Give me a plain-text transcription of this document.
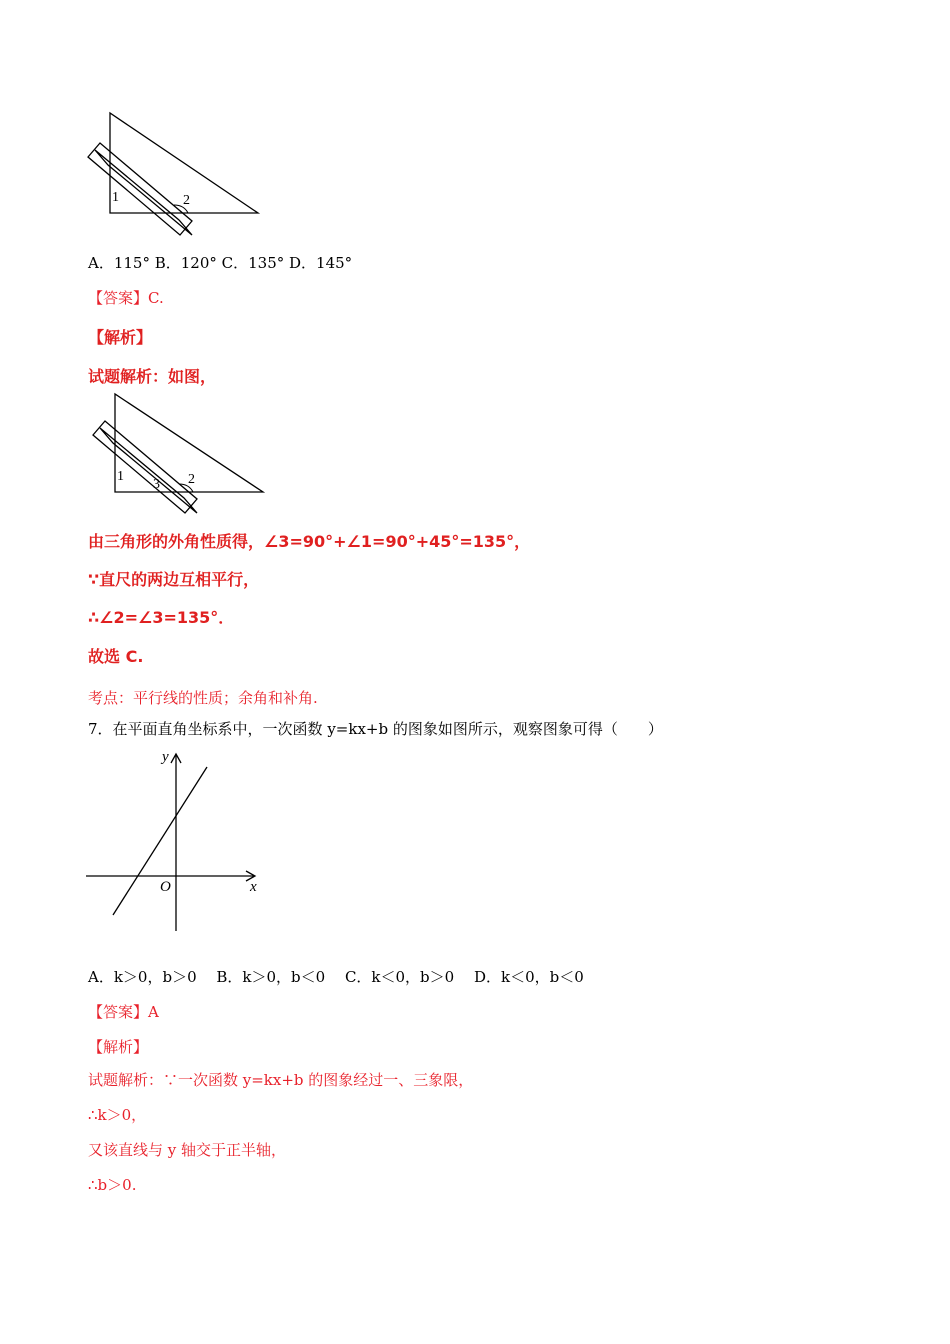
1	2
A．115° B．120° C．135° D．145°
【答案】C.
【解析】
试题解析：如图，
1
3 2
由三角形的外角性质得，∠3=90°+∠1=90°+45°=135°，
∵直尺的两边互相平行，
∴∠2=∠3=135°．
故选 C.
考点：平行线的性质；余角和补角.
7．在平面直角坐标系中，一次函数 y=kx+b 的图象如图所示，观察图象可得（　　）
y
x
O
A．k＞0，b＞0　 B．k＞0，b＜0　 C．k＜0，b＞0　 D．k＜0，b＜0
【答案】A
【解析】
试题解析：∵一次函数 y=kx+b 的图象经过一、三象限，
∴k＞0，
又该直线与 y 轴交于正半轴，
∴b＞0.
